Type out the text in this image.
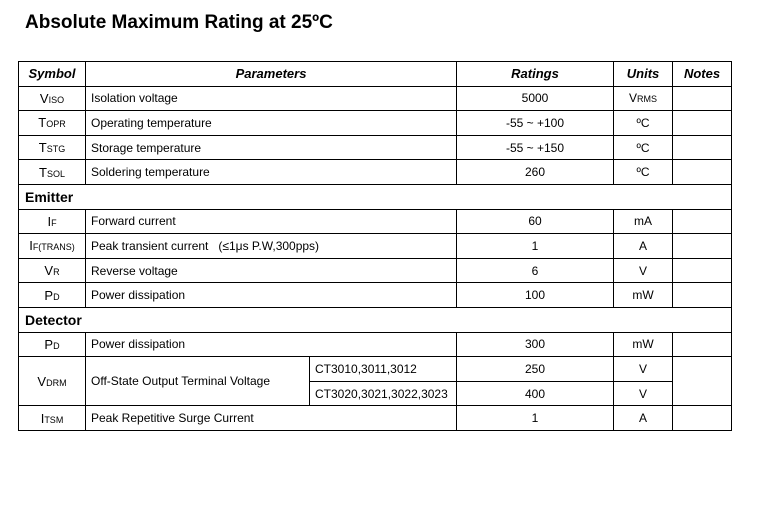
Absolute Maximum Rating at 25ºC
Symbol	Parameters		Ratings	Units	Notes
VISO	Isolation voltage		5000	VRMS	
TOPR	Operating temperature		-55 ~ +100	ºC	
TSTG	Storage temperature		-55 ~ +150	ºC	
TSOL	Soldering temperature		260	ºC	
Emitter					
IF	Forward current		60	mA	
IF(TRANS)	Peak transient current   (≤1μs P.W,300pps)		1	A	
VR	Reverse voltage		6	V	
PD	Power dissipation		100	mW	
Detector					
PD	Power dissipation		300	mW	
VDRM	Off-State Output Terminal Voltage	CT3010,3011,3012	250	V	
		CT3020,3021,3022,3023	400	V	
ITSM	Peak Repetitive Surge Current		1	A	
